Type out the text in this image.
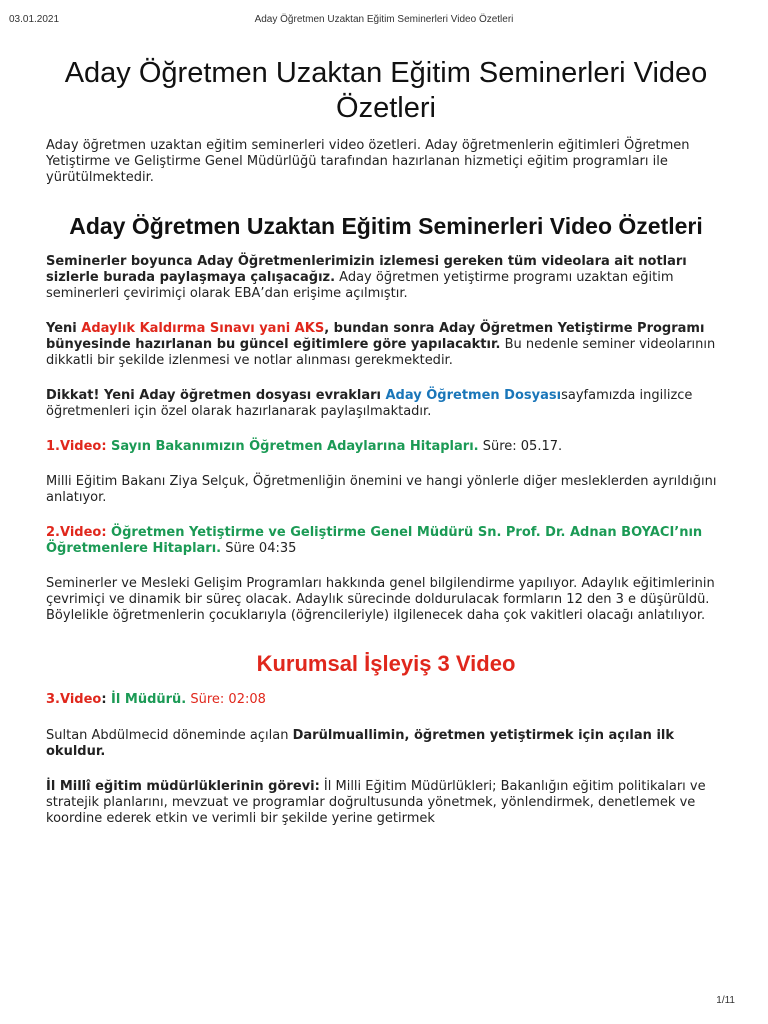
03.01.2021	Aday Öğretmen Uzaktan Eğitim Seminerleri Video Özetleri
Aday Öğretmen Uzaktan Eğitim Seminerleri Video Özetleri

Aday öğretmen uzaktan eğitim seminerleri video özetleri. Aday öğretmenlerin eğitimleri Öğretmen Yetiştirme ve Geliştirme Genel Müdürlüğü tarafından hazırlanan hizmetiçi eğitim programları ile yürütülmektedir.

Aday Öğretmen Uzaktan Eğitim Seminerleri Video Özetleri

Seminerler boyunca Aday Öğretmenlerimizin izlemesi gereken tüm videolara ait notları sizlerle burada paylaşmaya çalışacağız. Aday öğretmen yetiştirme programı uzaktan eğitim seminerleri çevirimiçi olarak EBA’dan erişime açılmıştır.

Yeni Adaylık Kaldırma Sınavı yani AKS, bundan sonra Aday Öğretmen Yetiştirme Programı bünyesinde hazırlanan bu güncel eğitimlere göre yapılacaktır. Bu nedenle seminer videolarının dikkatli bir şekilde izlenmesi ve notlar alınması gerekmektedir.

Dikkat! Yeni Aday öğretmen dosyası evrakları Aday Öğretmen Dosyasısayfamızda ingilizce öğretmenleri için özel olarak hazırlanarak paylaşılmaktadır.

1.Video: Sayın Bakanımızın Öğretmen Adaylarına Hitapları. Süre: 05.17.

Milli Eğitim Bakanı Ziya Selçuk, Öğretmenliğin önemini ve hangi yönlerle diğer mesleklerden ayrıldığını anlatıyor.

2.Video: Öğretmen Yetiştirme ve Geliştirme Genel Müdürü Sn. Prof. Dr. Adnan BOYACI’nın Öğretmenlere Hitapları. Süre 04:35

Seminerler ve Mesleki Gelişim Programları hakkında genel bilgilendirme yapılıyor. Adaylık eğitimlerinin çevrimiçi ve dinamik bir süreç olacak. Adaylık sürecinde doldurulacak formların 12 den 3 e düşürüldü. Böylelikle öğretmenlerin çocuklarıyla (öğrencileriyle) ilgilenecek daha çok vakitleri olacağı anlatılıyor.

Kurumsal İşleyiş 3 Video

3.Video: İl Müdürü. Süre: 02:08

Sultan Abdülmecid döneminde açılan Darülmuallimin, öğretmen yetiştirmek için açılan ilk okuldur.

İl Millî eğitim müdürlüklerinin görevi: İl Milli Eğitim Müdürlükleri; Bakanlığın eğitim politikaları ve stratejik planlarını, mevzuat ve programlar doğrultusunda yönetmek, yönlendirmek, denetlemek ve koordine ederek etkin ve verimli bir şekilde yerine getirmek

1/11
